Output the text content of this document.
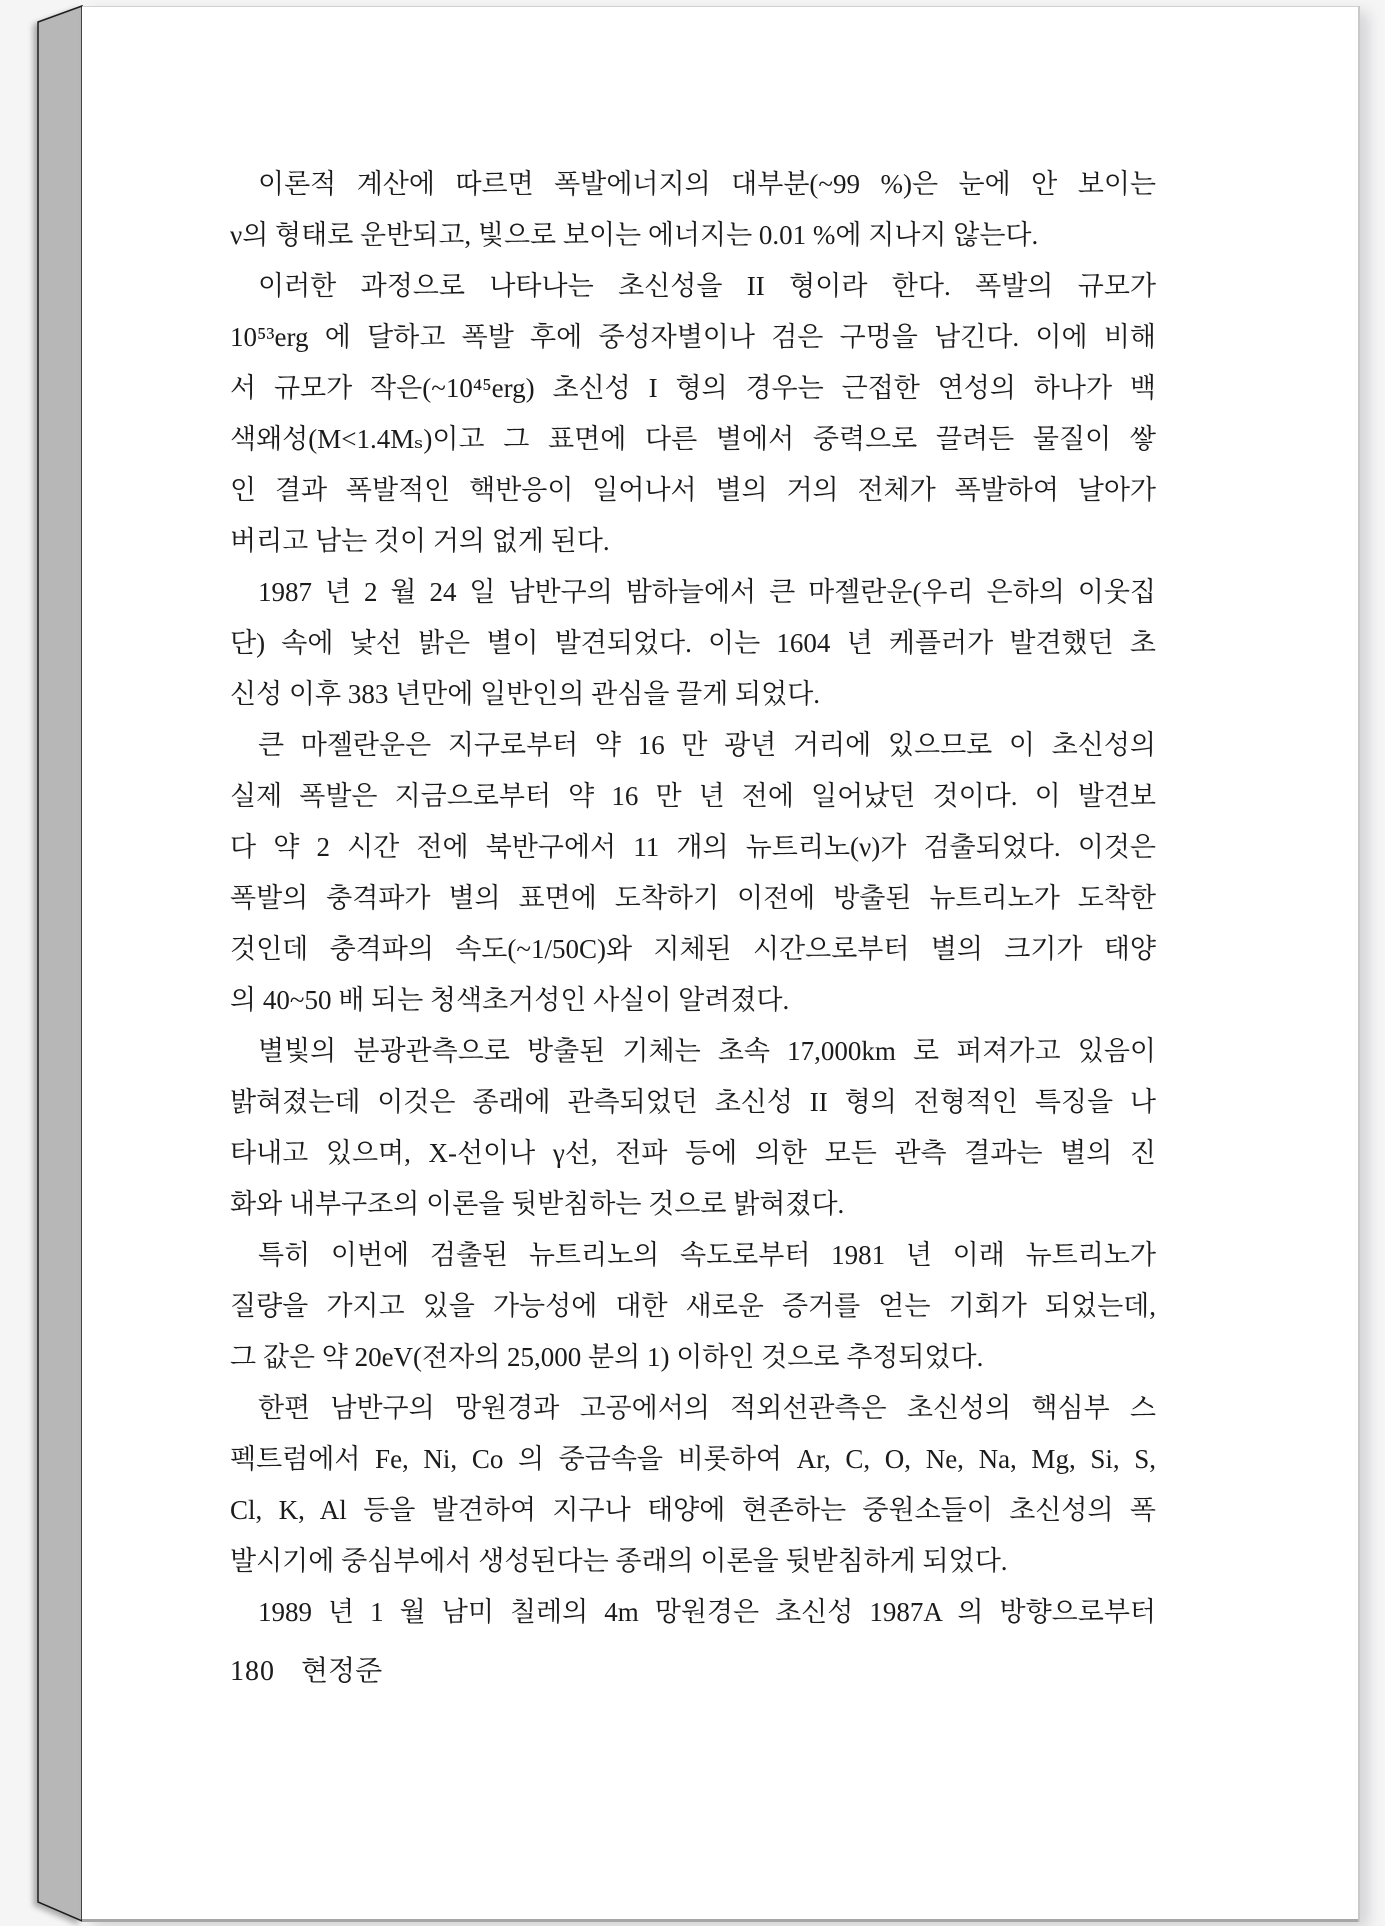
이론적 계산에 따르면 폭발에너지의 대부분(~99 %)은 눈에 안 보이는
ν의 형태로 운반되고, 빛으로 보이는 에너지는 0.01 %에 지나지 않는다.
이러한 과정으로 나타나는 초신성을 II 형이라 한다. 폭발의 규모가
10⁵³erg 에 달하고 폭발 후에 중성자별이나 검은 구멍을 남긴다. 이에 비해
서 규모가 작은(~10⁴⁵erg) 초신성 I 형의 경우는 근접한 연성의 하나가 백
색왜성(M<1.4Mₛ)이고 그 표면에 다른 별에서 중력으로 끌려든 물질이 쌓
인 결과 폭발적인 핵반응이 일어나서 별의 거의 전체가 폭발하여 날아가
버리고 남는 것이 거의 없게 된다.
1987 년 2 월 24 일 남반구의 밤하늘에서 큰 마젤란운(우리 은하의 이웃집
단) 속에 낯선 밝은 별이 발견되었다. 이는 1604 년 케플러가 발견했던 초
신성 이후 383 년만에 일반인의 관심을 끌게 되었다.
큰 마젤란운은 지구로부터 약 16 만 광년 거리에 있으므로 이 초신성의
실제 폭발은 지금으로부터 약 16 만 년 전에 일어났던 것이다. 이 발견보
다 약 2 시간 전에 북반구에서 11 개의 뉴트리노(ν)가 검출되었다. 이것은
폭발의 충격파가 별의 표면에 도착하기 이전에 방출된 뉴트리노가 도착한
것인데 충격파의 속도(~1/50C)와 지체된 시간으로부터 별의 크기가 태양
의 40~50 배 되는 청색초거성인 사실이 알려졌다.
별빛의 분광관측으로 방출된 기체는 초속 17,000km 로 퍼져가고 있음이
밝혀졌는데 이것은 종래에 관측되었던 초신성 II 형의 전형적인 특징을 나
타내고 있으며, X-선이나 γ선, 전파 등에 의한 모든 관측 결과는 별의 진
화와 내부구조의 이론을 뒷받침하는 것으로 밝혀졌다.
특히 이번에 검출된 뉴트리노의 속도로부터 1981 년 이래 뉴트리노가
질량을 가지고 있을 가능성에 대한 새로운 증거를 얻는 기회가 되었는데,
그 값은 약 20eV(전자의 25,000 분의 1) 이하인 것으로 추정되었다.
한편 남반구의 망원경과 고공에서의 적외선관측은 초신성의 핵심부 스
펙트럼에서 Fe, Ni, Co 의 중금속을 비롯하여 Ar, C, O, Ne, Na, Mg, Si, S,
Cl, K, Al 등을 발견하여 지구나 태양에 현존하는 중원소들이 초신성의 폭
발시기에 중심부에서 생성된다는 종래의 이론을 뒷받침하게 되었다.
1989 년 1 월 남미 칠레의 4m 망원경은 초신성 1987A 의 방향으로부터
180 현정준
